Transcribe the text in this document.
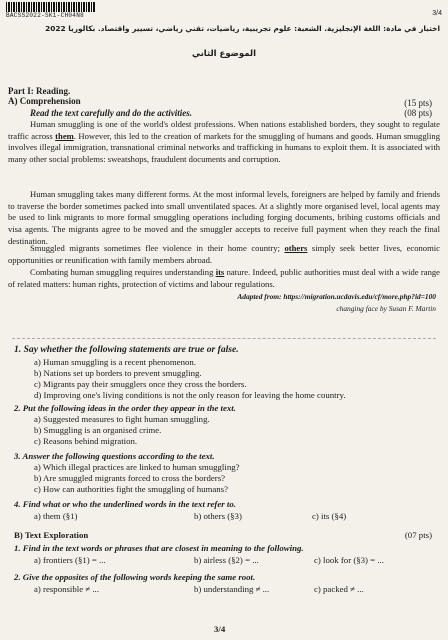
BACSS2022-SK1-CH04N8	3/4
اختبار في مادة: اللغة الإنجليزية. الشعبة: علوم تجريبية، رياضيات، تقني رياضي، تسيير واقتصاد. بكالوريا 2022
الموضوع الثاني
Part I: Reading.
A) Comprehension	(15 pts)
(08 pts)
Read the text carefully and do the activities.
Human smuggling is one of the world's oldest professions. When nations established borders, they sought to regulate traffic across them. However, this led to the creation of markets for the smuggling of humans and goods. Human smuggling involves illegal immigration, transnational criminal networks and trafficking in humans to exploit them. It is associated with many other social problems: sweatshops, fraudulent documents and corruption.
Human smuggling takes many different forms. At the most informal levels, foreigners are helped by family and friends to traverse the border sometimes packed into small unventilated spaces. At a slightly more organised level, local agents may be used to link migrants to more formal smuggling operations including forging documents, bribing customs officials and visa agents. The migrants agree to be moved and the smuggler accepts to receive full payment when they reach the final destination.
Smuggled migrants sometimes flee violence in their home country; others simply seek better lives, economic opportunities or reunification with family members abroad.
Combating human smuggling requires understanding its nature. Indeed, public authorities must deal with a wide range of related matters: human rights, protection of victims and labour regulations.
Adapted from: https://migration.ucdavis.edu/cf/more.php?id=100
changing face by Susan F. Martin
1. Say whether the following statements are true or false.
a) Human smuggling is a recent phenomenon.
b) Nations set up borders to prevent smuggling.
c) Migrants pay their smugglers once they cross the borders.
d) Improving one's living conditions is not the only reason for leaving the home country.
2. Put the following ideas in the order they appear in the text.
a) Suggested measures to fight human smuggling.
b) Smuggling is an organised crime.
c) Reasons behind migration.
3. Answer the following questions according to the text.
a) Which illegal practices are linked to human smuggling?
b) Are smuggled migrants forced to cross the borders?
c) How can authorities fight the smuggling of humans?
4. Find what or who the underlined words in the text refer to.
a) them (§1)	b) others (§3)	c) its (§4)
B) Text Exploration	(07 pts)
1. Find in the text words or phrases that are closest in meaning to the following.
a) frontiers (§1) = ...	b) airless (§2) = ...	c) look for (§3) = ...
2. Give the opposites of the following words keeping the same root.
a) responsible ≠ ...	b) understanding ≠ ...	c) packed ≠ ...
3/4
